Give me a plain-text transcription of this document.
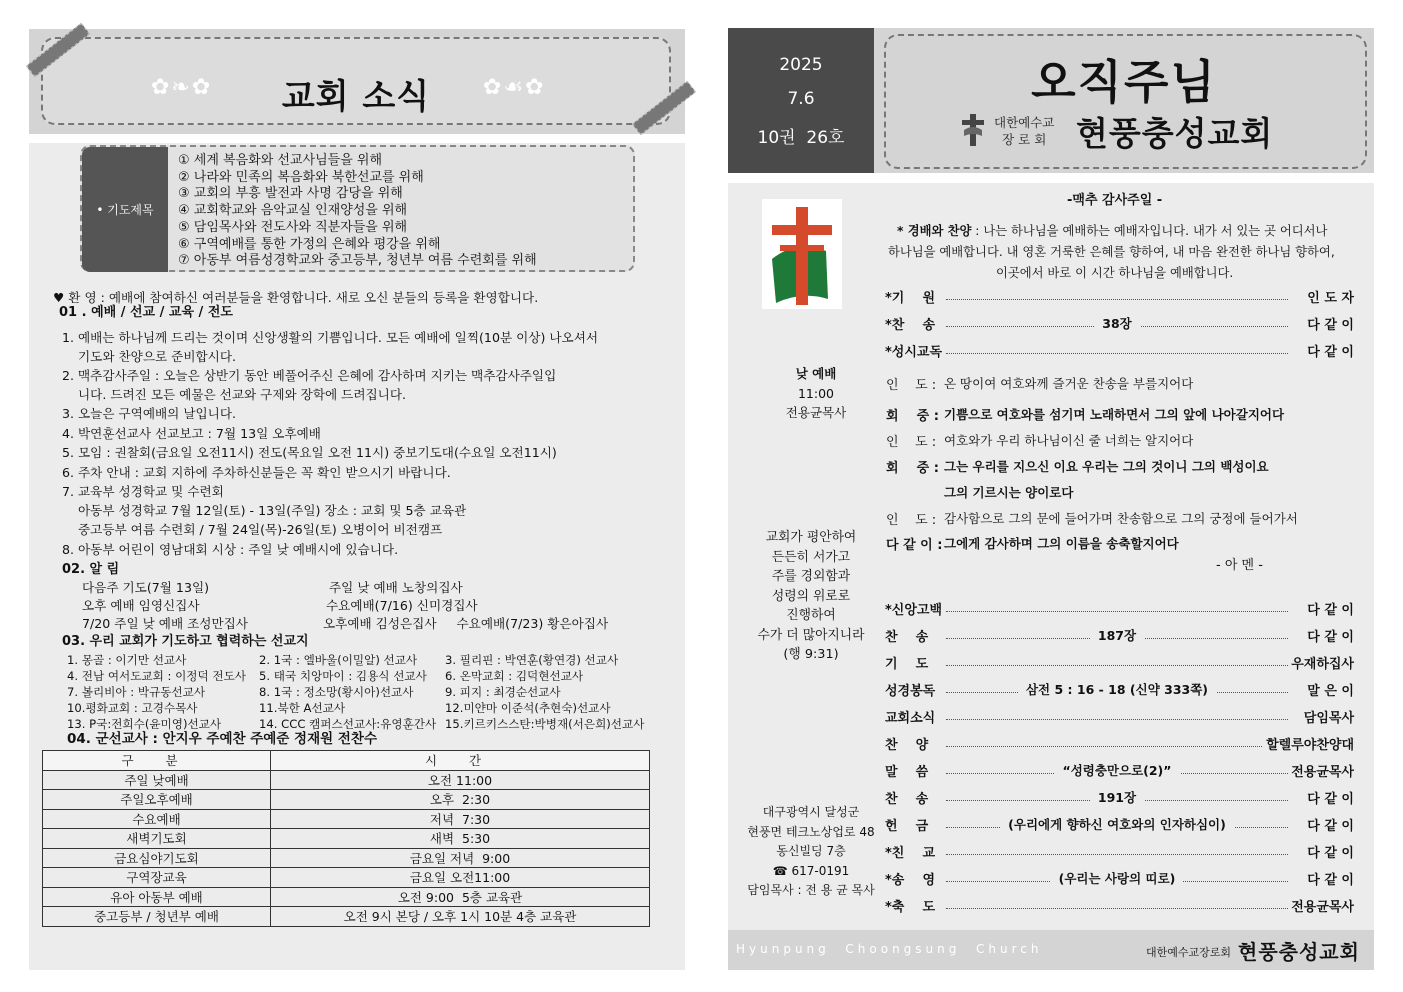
✿❧✿	교회 소식	✿☙✿
• 기도제목
① 세계 복음화와 선교사님들을 위해
② 나라와 민족의 복음화와 북한선교를 위해
③ 교회의 부흥 발전과 사명 감당을 위해
④ 교회학교와 음악교실 인재양성을 위해
⑤ 담임목사와 전도사와 직분자들을 위해
⑥ 구역예배를 통한 가정의 은혜와 평강을 위해
⑦ 아동부 여름성경학교와 중고등부, 청년부 여름 수련회를 위해
♥ 환 영 : 예배에 참여하신 여러분들을 환영합니다. 새로 오신 분들의 등록을 환영합니다.
01 . 예배 / 선교 / 교육 / 전도
1. 예배는 하나님께 드리는 것이며 신앙생활의 기쁨입니다. 모든 예배에 일찍(10분 이상) 나오셔서
기도와 찬양으로 준비합시다.
2. 맥추감사주일 : 오늘은 상반기 동안 베풀어주신 은혜에 감사하며 지키는 맥추감사주일입
니다. 드려진 모든 예물은 선교와 구제와 장학에 드려집니다.
3. 오늘은 구역예배의 날입니다.
4. 박연훈선교사 선교보고 : 7월 13일 오후예배
5. 모임 : 권찰회(금요일 오전11시) 전도(목요일 오전 11시) 중보기도대(수요일 오전11시)
6. 주차 안내 : 교회 지하에 주차하신분들은 꼭 확인 받으시기 바랍니다.
7. 교육부 성경학교 및 수련회
아동부 성경학교 7월 12일(토) - 13일(주일) 장소 : 교회 및 5층 교육관
중고등부 여름 수련회 / 7월 24일(목)-26일(토) 오병이어 비전캠프
8. 아동부 어린이 영남대회 시상 : 주일 낮 예배시에 있습니다.
02. 알 림
다음주 기도(7월 13일)	주일 낮 예배 노창의집사
오후 예배 임영신집사	수요예배(7/16) 신미경집사
7/20 주일 낮 예배 조성만집사	오후예배 김성은집사     수요예배(7/23) 황은아집사
03. 우리 교회가 기도하고 협력하는 선교지
1. 몽골 : 이기만 선교사	2. 1국 : 엘바울(이밀알) 선교사 3. 필리핀 : 박연훈(황연경) 선교사
4. 전남 여서도교회 : 이정덕 전도사 5. 태국 치앙마이 : 김용식 선교사 6. 온막교회 : 김덕현선교사
7. 볼리비아 : 박규동선교사	8. 1국 : 정소망(황시아)선교사	9. 피지 : 최경순선교사
10.평화교회 : 고경수목사	11.북한 A선교사	12.미얀마 이준석(추현숙)선교사
13. P국:전희수(윤미영)선교사	14. CCC 캠퍼스선교사:유영훈간사 15.키르키스스탄:박병재(서은희)선교사
04. 군선교사 : 안지우 주예찬 주예준 정재원 전찬수
구 분	시 간
주일 낮예배	오전 11:00
주일오후예배	오후  2:30
수요예배	저녁  7:30
새벽기도회	새벽  5:30
금요심야기도회	금요일 저녁  9:00
구역장교육	금요일 오전11:00
유아 아동부 예배	오전 9:00  5층 교육관
중고등부 / 청년부 예배	오전 9시 본당 / 오후 1시 10분 4층 교육관
2025
7.6
10권  26호
오직주님
대한예수교
장 로 회 현풍충성교회
-맥추 감사주일 -
* 경배와 찬양 : 나는 하나님을 예배하는 예배자입니다. 내가 서 있는 곳 어디서나
하나님을 예배합니다. 내 영혼 거룩한 은혜를 향하여, 내 마음 완전한 하나님 향하여,
이곳에서 바로 이 시간 하나님을 예배합니다.
낮 예배
11:00
전용균목사
*기    원	인 도 자
*찬    송	38장	다 같 이
*성시교독	다 같 이
인    도 : 온 땅이여 여호와께 즐거운 찬송을 부를지어다
회    중 : 기쁨으로 여호와를 섬기며 노래하면서 그의 앞에 나아갈지어다
인    도 : 여호와가 우리 하나님이신 줄 너희는 알지어다
회    중 : 그는 우리를 지으신 이요 우리는 그의 것이니 그의 백성이요
그의 기르시는 양이로다
인    도 : 감사함으로 그의 문에 들어가며 찬송함으로 그의 궁정에 들어가서
다 같 이 : 그에게 감사하며 그의 이름을 송축할지어다
- 아 멘 -
*신앙고백	다 같 이
찬    송	187장	다 같 이
기    도	우재하집사
성경봉독	삼전 5 : 16 - 18 (신약 333쪽)	말 은 이
교회소식	담임목사
찬    양	할렐루야찬양대
말    씀	“성령충만으로(2)”	전용균목사
찬    송	191장	다 같 이
헌    금	(우리에게 향하신 여호와의 인자하심이)	다 같 이
*친    교	다 같 이
*송    영	(우리는 사랑의 띠로)	다 같 이
*축    도	전용균목사
교회가 평안하여
든든히 서가고
주를 경외함과
성령의 위로로
진행하여
수가 더 많아지니라
(행 9:31)
대구광역시 달성군
현풍면 테크노상업로 48
동신빌딩 7층
☎ 617-0191
담임목사 : 전 용 균 목사
Hyunpung  Choongsung  Church	대한예수교장로회 현풍충성교회
